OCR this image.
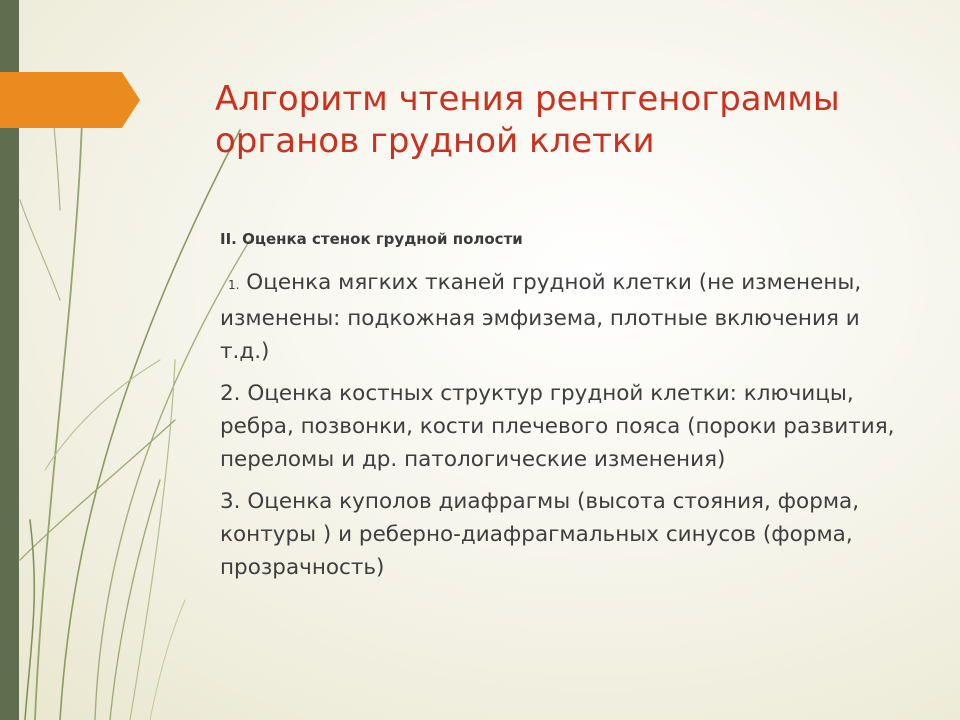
Алгоритм чтения рентгенограммы
органов грудной клетки
II. Оценка стенок грудной полости

1. Оценка мягких тканей грудной клетки (не изменены, изменены: подкожная эмфизема, плотные включения и т.д.)

2. Оценка костных структур грудной клетки: ключицы, ребра, позвонки, кости плечевого пояса (пороки развития, переломы и др. патологические изменения)

3. Оценка куполов диафрагмы (высота стояния, форма, контуры ) и реберно-диафрагмальных синусов (форма, прозрачность)
